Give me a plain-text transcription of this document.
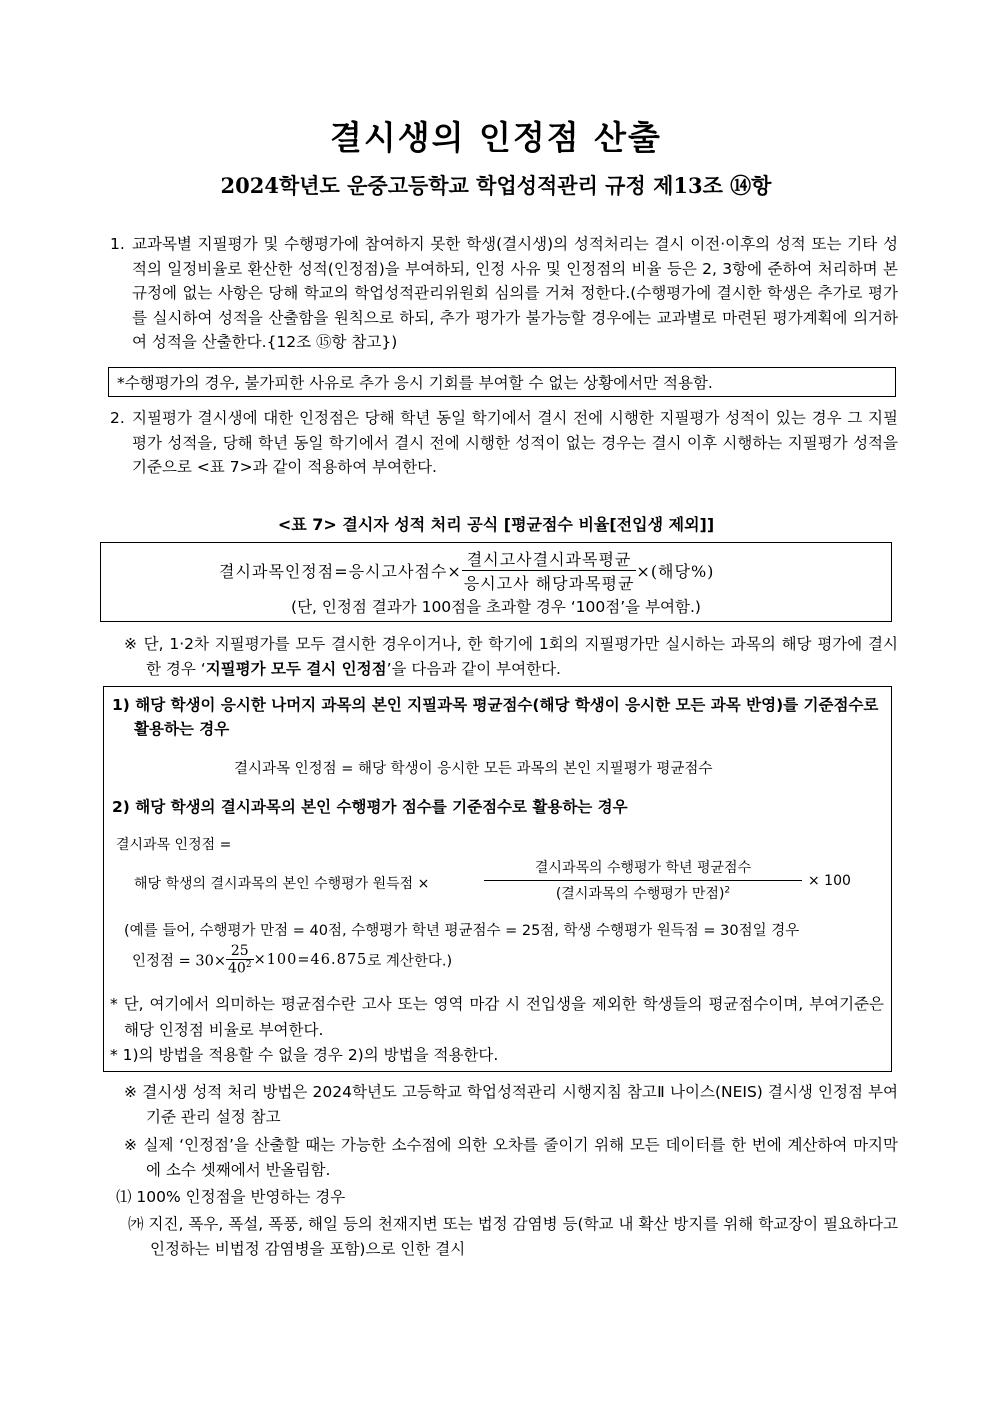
결시생의 인정점 산출
2024학년도 운중고등학교 학업성적관리 규정 제13조 ⑭항
1. 교과목별 지필평가 및 수행평가에 참여하지 못한 학생(결시생)의 성적처리는 결시 이전·이후의 성적 또는 기타 성적의 일정비율로 환산한 성적(인정점)을 부여하되, 인정 사유 및 인정점의 비율 등은 2, 3항에 준하여 처리하며 본 규정에 없는 사항은 당해 학교의 학업성적관리위원회 심의를 거쳐 정한다.(수행평가에 결시한 학생은 추가로 평가를 실시하여 성적을 산출함을 원칙으로 하되, 추가 평가가 불가능할 경우에는 교과별로 마련된 평가계획에 의거하여 성적을 산출한다.{12조 ⑮항 참고})
*수행평가의 경우, 불가피한 사유로 추가 응시 기회를 부여할 수 없는 상황에서만 적용함.
2. 지필평가 결시생에 대한 인정점은 당해 학년 동일 학기에서 결시 전에 시행한 지필평가 성적이 있는 경우 그 지필평가 성적을, 당해 학년 동일 학기에서 결시 전에 시행한 성적이 없는 경우는 결시 이후 시행하는 지필평가 성적을 기준으로 <표 7>과 같이 적용하여 부여한다.
<표 7> 결시자 성적 처리 공식 [평균점수 비율[전입생 제외]]
결시과목인정점=응시고사점수× $\frac{\text{결시고사결시과목평균}}{\text{응시고사 해당과목평균}}$ ×(해당%)
(단, 인정점 결과가 100점을 초과할 경우 ‘100점’을 부여함.)
※ 단, 1·2차 지필평가를 모두 결시한 경우이거나, 한 학기에 1회의 지필평가만 실시하는 과목의 해당 평가에 결시한 경우 ‘지필평가 모두 결시 인정점’을 다음과 같이 부여한다.
1) 해당 학생이 응시한 나머지 과목의 본인 지필과목 평균점수(해당 학생이 응시한 모든 과목 반영)를 기준점수로 활용하는 경우
결시과목 인정점 = 해당 학생이 응시한 모든 과목의 본인 지필평가 평균점수
2) 해당 학생의 결시과목의 본인 수행평가 점수를 기준점수로 활용하는 경우
결시과목 인정점 =
해당 학생의 결시과목의 본인 수행평가 원득점 ×
결시과목의 수행평가 학년 평균점수
(결시과목의 수행평가 만점)$^2$
× 100
(예를 들어, 수행평가 만점 = 40점, 수행평가 학년 평균점수 = 25점, 학생 수행평가 원득점 = 30점일 경우
인정점 = $30\times \frac{25}{40^2} \times 100=46.875$로 계산한다.)
* 단, 여기에서 의미하는 평균점수란 고사 또는 영역 마감 시 전입생을 제외한 학생들의 평균점수이며, 부여기준은 해당 인정점 비율로 부여한다.
* 1)의 방법을 적용할 수 없을 경우 2)의 방법을 적용한다.
※ 결시생 성적 처리 방법은 2024학년도 고등학교 학업성적관리 시행지침 참고Ⅱ 나이스(NEIS) 결시생 인정점 부여기준 관리 설정 참고
※ 실제 ‘인정점’을 산출할 때는 가능한 소수점에 의한 오차를 줄이기 위해 모든 데이터를 한 번에 계산하여 마지막에 소수 셋째에서 반올림함.
⑴ 100% 인정점을 반영하는 경우
㈎ 지진, 폭우, 폭설, 폭풍, 해일 등의 천재지변 또는 법정 감염병 등(학교 내 확산 방지를 위해 학교장이 필요하다고 인정하는 비법정 감염병을 포함)으로 인한 결시
